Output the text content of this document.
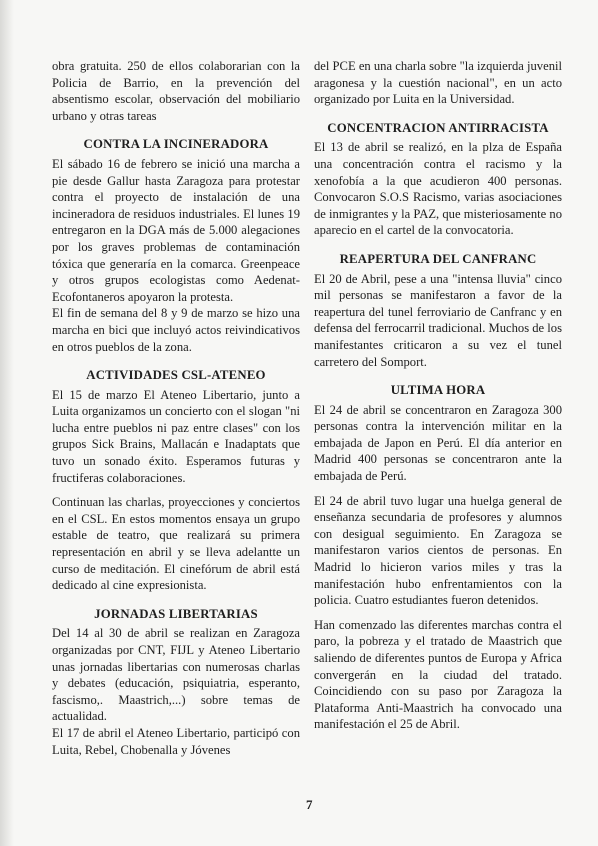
obra gratuita. 250 de ellos colaborarian con la Policia de Barrio, en la prevención del absentismo escolar, observación del mobiliario urbano y otras tareas

CONTRA LA INCINERADORA

El sábado 16 de febrero se inició una marcha a pie desde Gallur hasta Zaragoza para protestar contra el proyecto de instalación de una incineradora de residuos industriales. El lunes 19 entregaron en la DGA más de 5.000 alegaciones por los graves problemas de contaminación tóxica que generaría en la comarca. Greenpeace y otros grupos ecologistas como Aedenat-Ecofontaneros apoyaron la protesta.

El fin de semana del 8 y 9 de marzo se hizo una marcha en bici que incluyó actos reivindicativos en otros pueblos de la zona.

ACTIVIDADES CSL-ATENEO

El 15 de marzo El Ateneo Libertario, junto a Luita organizamos un concierto con el slogan "ni lucha entre pueblos ni paz entre clases" con los grupos Sick Brains, Mallacán e Inadaptats que tuvo un sonado éxito. Esperamos futuras y fructiferas colaboraciones.

Continuan las charlas, proyecciones y conciertos en el CSL. En estos momentos ensaya un grupo estable de teatro, que realizará su primera representación en abril y se lleva adelantte un curso de meditación. El cinefórum de abril está dedicado al cine expresionista.

JORNADAS LIBERTARIAS

Del 14 al 30 de abril se realizan en Zaragoza organizadas por CNT, FIJL y Ateneo Libertario unas jornadas libertarias con numerosas charlas y debates (educación, psiquiatria, esperanto, fascismo,. Maastrich,...) sobre temas de actualidad.

El 17 de abril el Ateneo Libertario, participó con Luita, Rebel, Chobenalla y Jóvenes

del PCE en una charla sobre "la izquierda juvenil aragonesa y la cuestión nacional", en un acto organizado por Luita en la Universidad.

CONCENTRACION ANTIRRACISTA

El 13 de abril se realizó, en la plza de España una concentración contra el racismo y la xenofobía a la que acudieron 400 personas. Convocaron S.O.S Racismo, varias asociaciones de inmigrantes y la PAZ, que misteriosamente no aparecio en el cartel de la convocatoria.

REAPERTURA DEL CANFRANC

El 20 de Abril, pese a una "intensa lluvia" cinco mil personas se manifestaron a favor de la reapertura del tunel ferroviario de Canfranc y en defensa del ferrocarril tradicional. Muchos de los manifestantes criticaron a su vez el tunel carretero del Somport.

ULTIMA HORA

El 24 de abril se concentraron en Zaragoza 300 personas contra la intervención militar en la embajada de Japon en Perú. El día anterior en Madrid 400 personas se concentraron ante la embajada de Perú.

El 24 de abril tuvo lugar una huelga general de enseñanza secundaria de profesores y alumnos con desigual seguimiento. En Zaragoza se manifestaron varios cientos de personas. En Madrid lo hicieron varios miles y tras la manifestación hubo enfrentamientos con la policia. Cuatro estudiantes fueron detenidos.

Han comenzado las diferentes marchas contra el paro, la pobreza y el tratado de Maastrich que saliendo de diferentes puntos de Europa y Africa convergerán en la ciudad del tratado. Coincidiendo con su paso por Zaragoza la Plataforma Anti-Maastrich ha convocado una manifestación el 25 de Abril.

7
